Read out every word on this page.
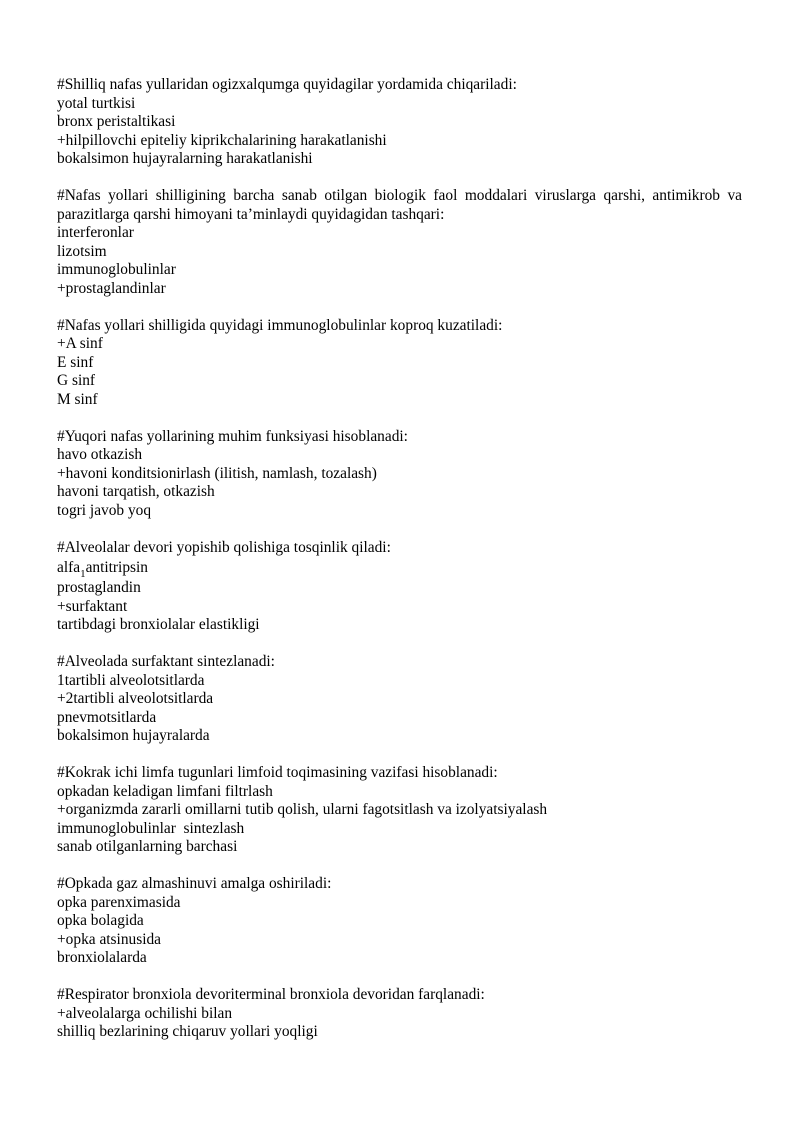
#Shilliq nafas yullaridan ogizxalqumga quyidagilar yordamida chiqariladi:
yotal turtkisi
bronx peristaltikasi
+hilpillovchi epiteliy kiprikchalarining harakatlanishi
bokalsimon hujayralarning harakatlanishi
#Nafas yollari shilligining barcha sanab otilgan biologik faol moddalari viruslarga qarshi, antimikrob va parazitlarga qarshi himoyani ta’minlaydi quyidagidan tashqari:
interferonlar
lizotsim
immunoglobulinlar
+prostaglandinlar
#Nafas yollari shilligida quyidagi immunoglobulinlar koproq kuzatiladi:
+A sinf
E sinf
G sinf
M sinf
#Yuqori nafas yollarining muhim funksiyasi hisoblanadi:
havo otkazish
+havoni konditsionirlash (ilitish, namlash, tozalash)
havoni tarqatish, otkazish
togri javob yoq
#Alveolalar devori yopishib qolishiga tosqinlik qiladi:
alfa$_1$antitripsin
prostaglandin
+surfaktant
tartibdagi bronxiolalar elastikligi
#Alveolada surfaktant sintezlanadi:
1tartibli alveolotsitlarda
+2tartibli alveolotsitlarda
pnevmotsitlarda
bokalsimon hujayralarda
#Kokrak ichi limfa tugunlari limfoid toqimasining vazifasi hisoblanadi:
opkadan keladigan limfani filtrlash
+organizmda zararli omillarni tutib qolish, ularni fagotsitlash va izolyatsiyalash
immunoglobulinlar  sintezlash
sanab otilganlarning barchasi
#Opkada gaz almashinuvi amalga oshiriladi:
opka parenximasida
opka bolagida
+opka atsinusida
bronxiolalarda
#Respirator bronxiola devoriterminal bronxiola devoridan farqlanadi:
+alveolalarga ochilishi bilan
shilliq bezlarining chiqaruv yollari yoqligi
